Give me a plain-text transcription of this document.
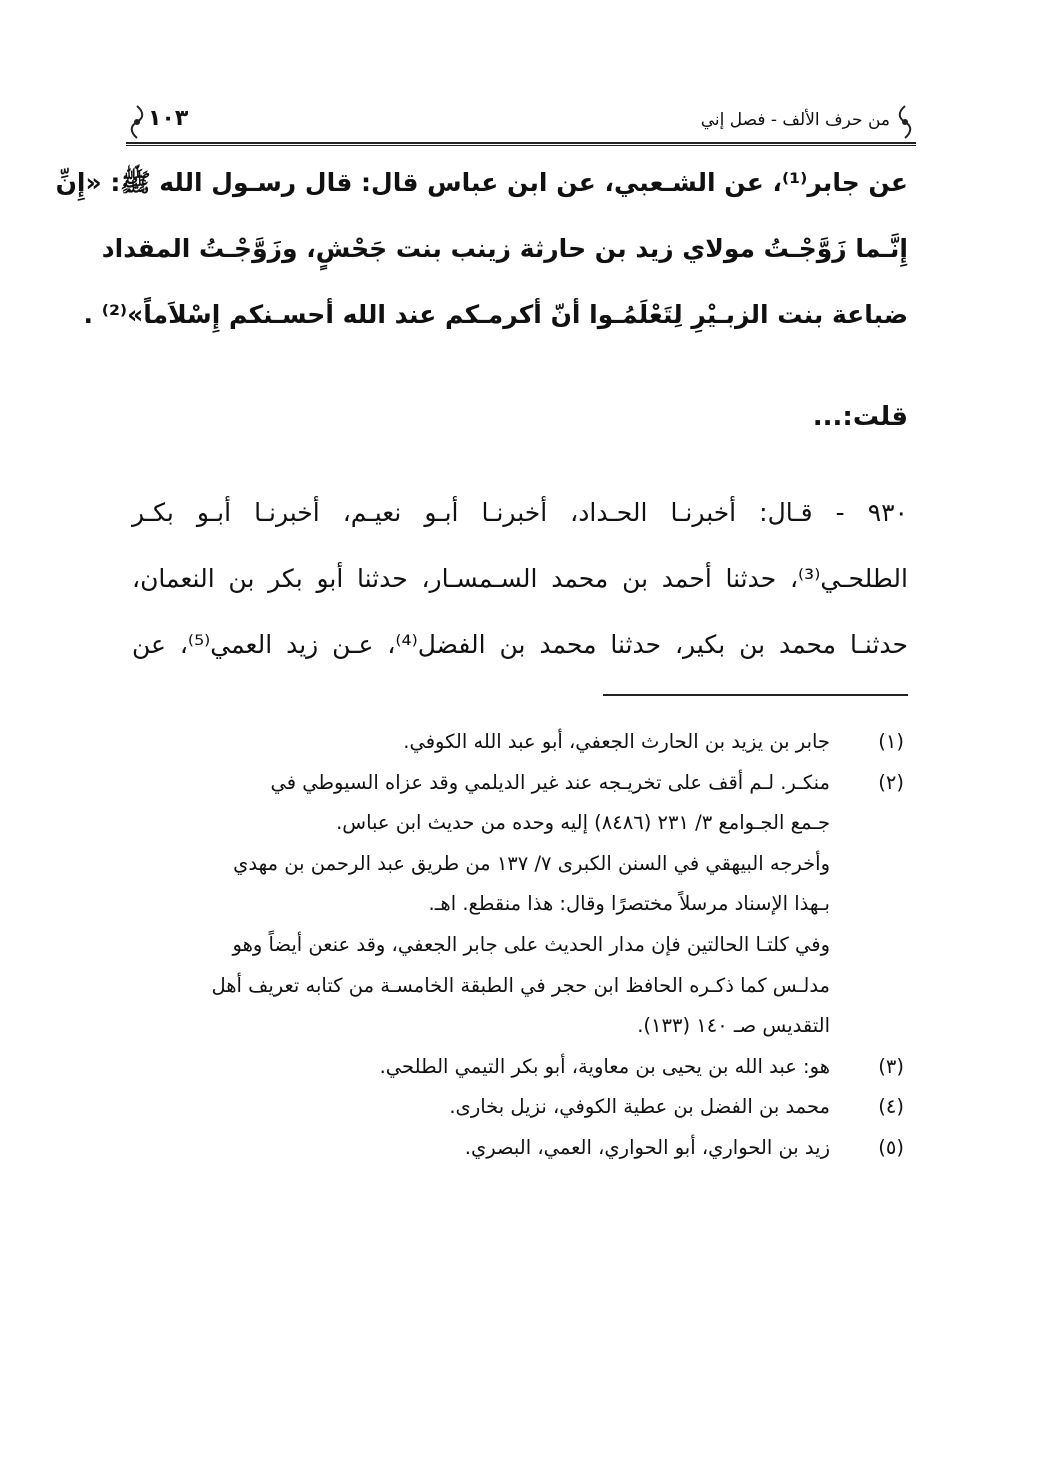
من حرف الألف - فصل إني
١٠٣
عن جابر⁽¹⁾، عن الشـعبي، عن ابن عباس قال: قال رسـول الله ﷺ: «إِنِّ
إِنَّـما زَوَّجْـتُ مولاي زيد بن حارثة زينب بنت جَحْشٍ، وزَوَّجْـتُ المقداد
ضباعة بنت الزبـيْرِ لِتَعْلَمُـوا أنّ أكرمـكم عند الله أحسـنكم إِسْلاَماً»⁽²⁾ .
قلت:...
٩٣٠ - قـال: أخبرنـا الحـداد، أخبرنـا أبـو نعيـم، أخبرنـا أبـو بكـر
الطلحـي⁽³⁾، حدثنا أحمد بن محمد السـمسـار، حدثنا أبو بكر بن النعمان،
حدثنـا محمد بن بكير، حدثنا محمد بن الفضل⁽⁴⁾، عـن زيد العمي⁽⁵⁾، عن
(١)
جابر بن يزيد بن الحارث الجعفي، أبو عبد الله الكوفي.
(٢)
منكـر. لـم أقف على تخريـجه عند غير الديلمي وقد عزاه السيوطي في
جـمع الجـوامع ٣/ ٢٣١ (٨٤٨٦) إليه وحده من حديث ابن عباس.
وأخرجه البيهقي في السنن الكبرى ٧/ ١٣٧ من طريق عبد الرحمن بن مهدي
بـهذا الإسناد مرسلاً مختصرًا وقال: هذا منقطع. اهـ.
وفي كلتـا الحالتين فإن مدار الحديث على جابر الجعفي، وقد عنعن أيضاً وهو
مدلـس كما ذكـره الحافظ ابن حجر في الطبقة الخامسـة من كتابه تعريف أهل
التقديس صـ ١٤٠ (١٣٣).
(٣)
هو: عبد الله بن يحيى بن معاوية، أبو بكر التيمي الطلحي.
(٤)
محمد بن الفضل بن عطية الكوفي، نزيل بخارى.
(٥)
زيد بن الحواري، أبو الحواري، العمي، البصري.
